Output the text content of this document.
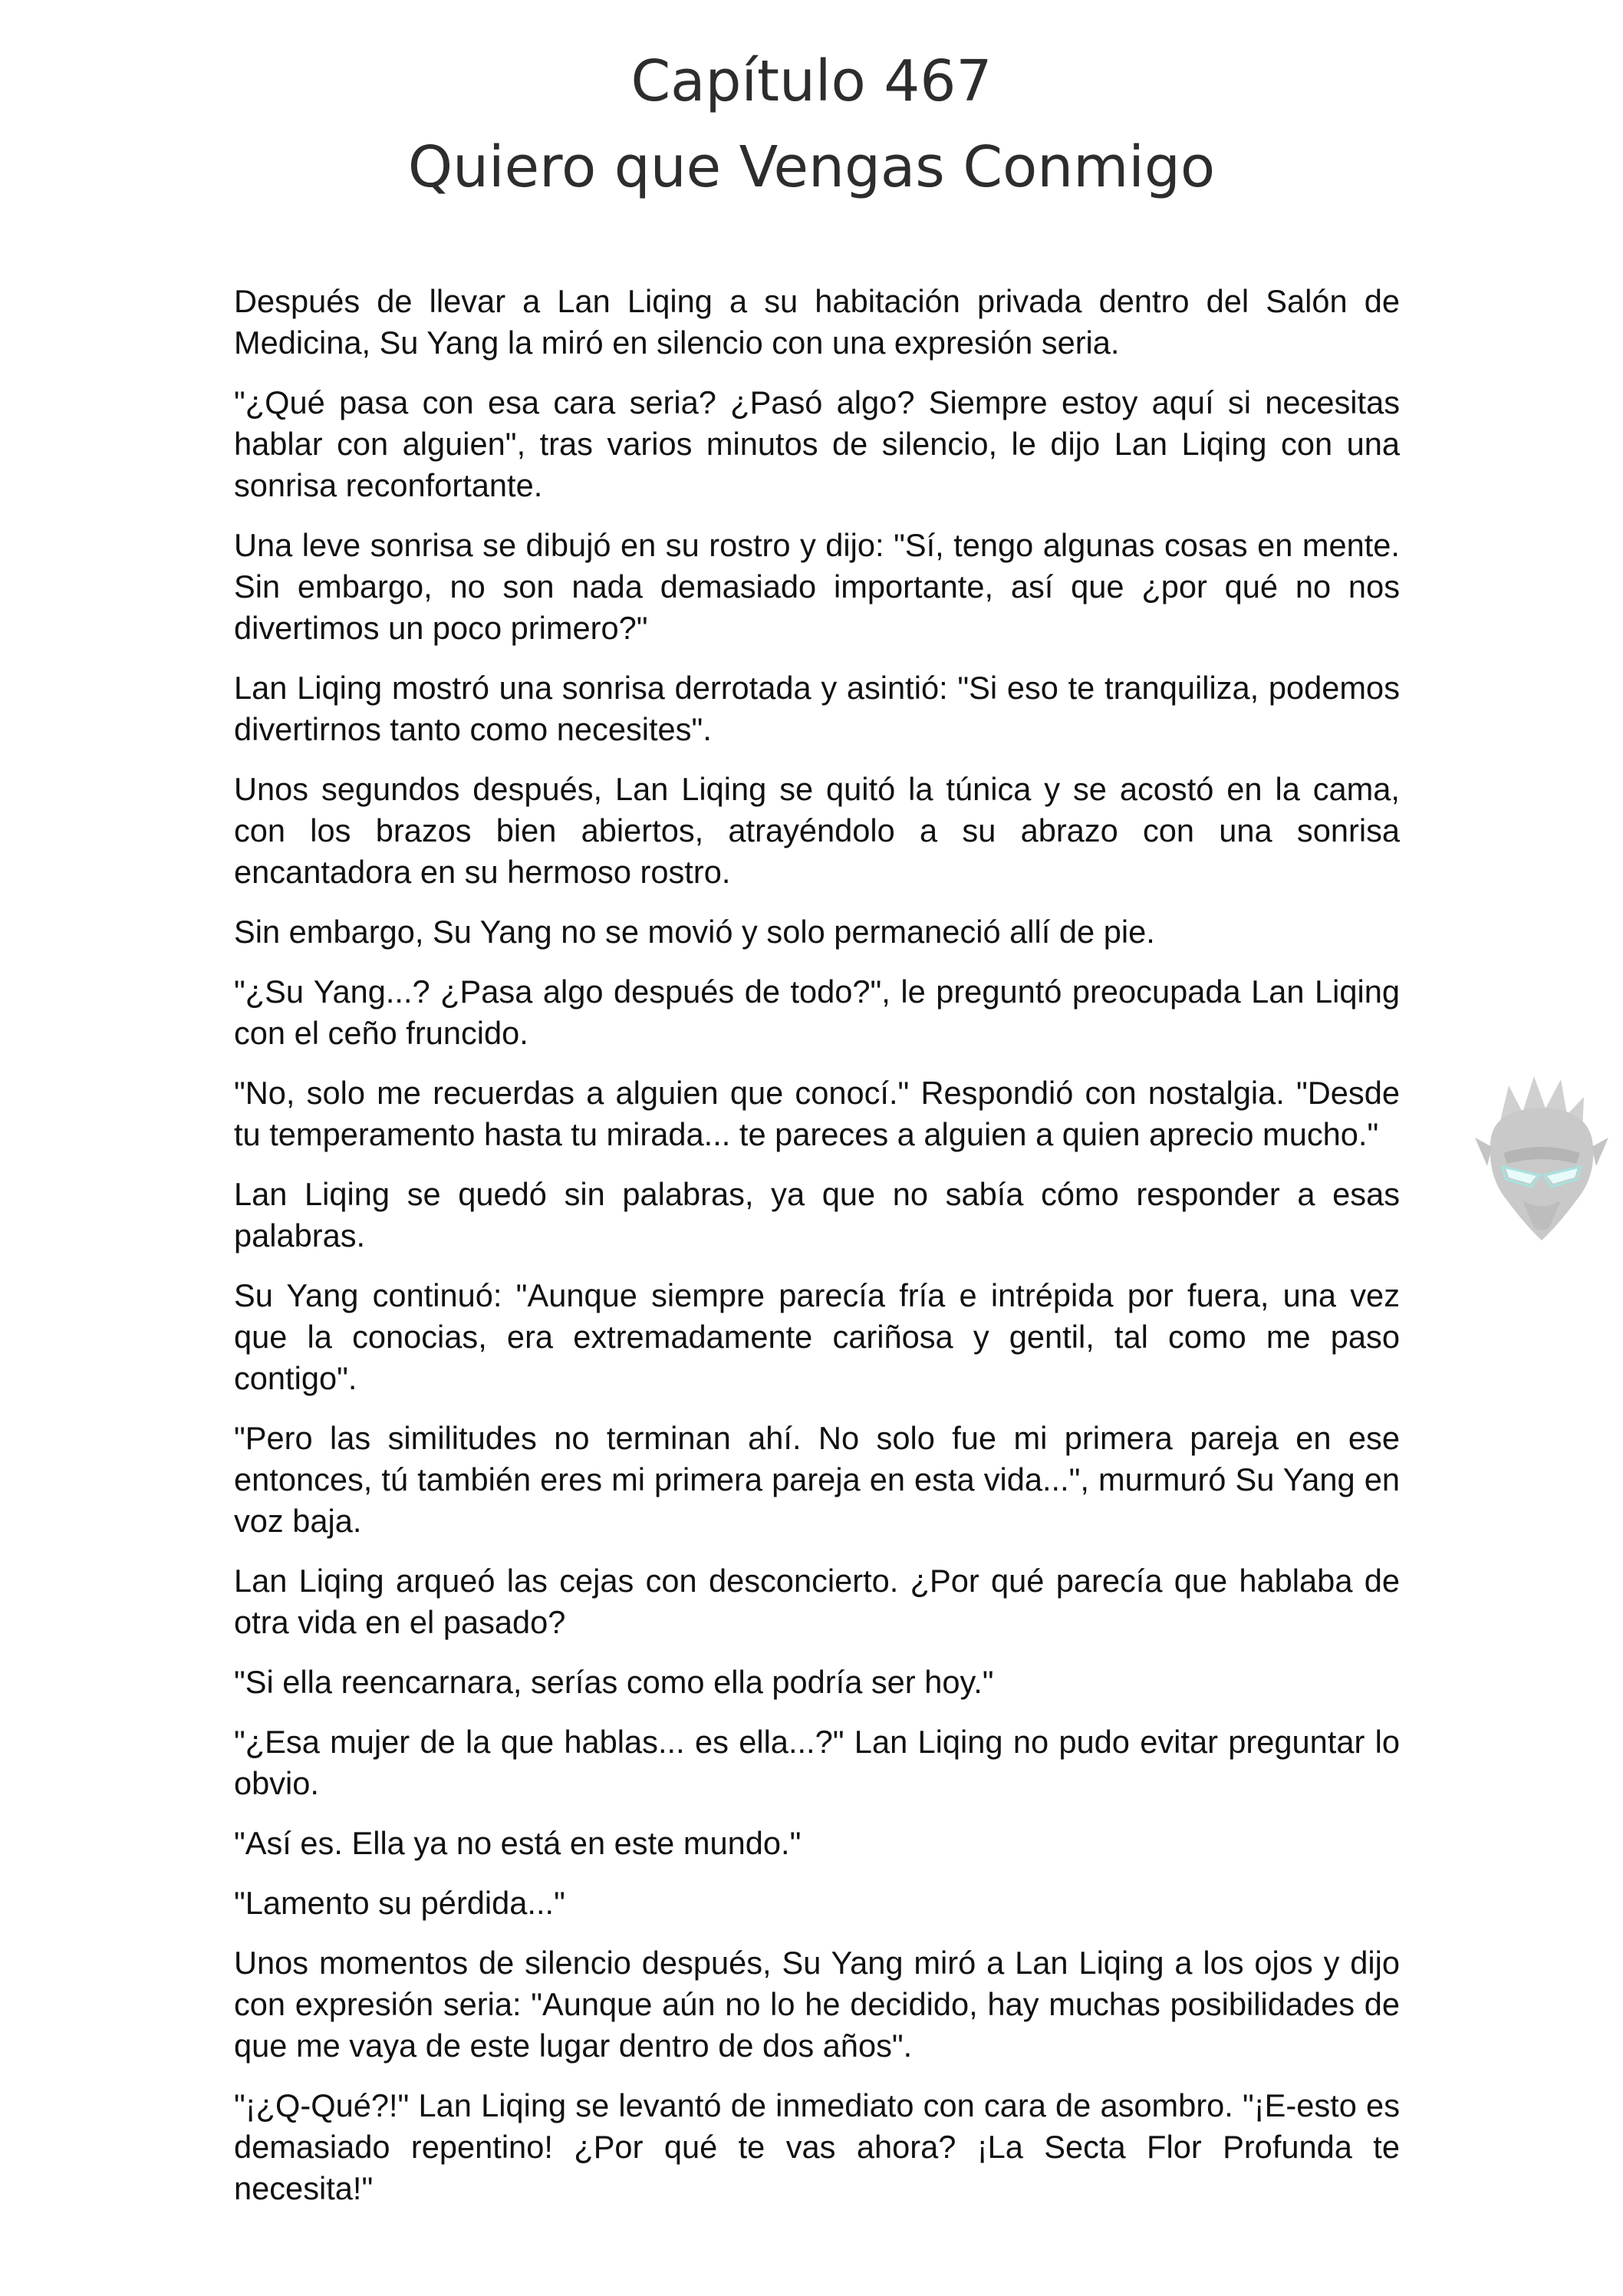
Capítulo 467

Quiero que Vengas Conmigo

Después de llevar a Lan Liqing a su habitación privada dentro del Salón de Medicina, Su Yang la miró en silencio con una expresión seria.

"¿Qué pasa con esa cara seria? ¿Pasó algo? Siempre estoy aquí si necesitas hablar con alguien", tras varios minutos de silencio, le dijo Lan Liqing con una sonrisa reconfortante.

Una leve sonrisa se dibujó en su rostro y dijo: "Sí, tengo algunas cosas en mente. Sin embargo, no son nada demasiado importante, así que ¿por qué no nos divertimos un poco primero?"

Lan Liqing mostró una sonrisa derrotada y asintió: "Si eso te tranquiliza, podemos divertirnos tanto como necesites".

Unos segundos después, Lan Liqing se quitó la túnica y se acostó en la cama, con los brazos bien abiertos, atrayéndolo a su abrazo con una sonrisa encantadora en su hermoso rostro.

Sin embargo, Su Yang no se movió y solo permaneció allí de pie.

"¿Su Yang...? ¿Pasa algo después de todo?", le preguntó preocupada Lan Liqing con el ceño fruncido.

"No, solo me recuerdas a alguien que conocí." Respondió con nostalgia. "Desde tu temperamento hasta tu mirada... te pareces a alguien a quien aprecio mucho."

Lan Liqing se quedó sin palabras, ya que no sabía cómo responder a esas palabras.

Su Yang continuó: "Aunque siempre parecía fría e intrépida por fuera, una vez que la conocias, era extremadamente cariñosa y gentil, tal como me paso contigo".

"Pero las similitudes no terminan ahí. No solo fue mi primera pareja en ese entonces, tú también eres mi primera pareja en esta vida...", murmuró Su Yang en voz baja.

Lan Liqing arqueó las cejas con desconcierto. ¿Por qué parecía que hablaba de otra vida en el pasado?

"Si ella reencarnara, serías como ella podría ser hoy."

"¿Esa mujer de la que hablas... es ella...?" Lan Liqing no pudo evitar preguntar lo obvio.

"Así es. Ella ya no está en este mundo."

"Lamento su pérdida..."

Unos momentos de silencio después, Su Yang miró a Lan Liqing a los ojos y dijo con expresión seria: "Aunque aún no lo he decidido, hay muchas posibilidades de que me vaya de este lugar dentro de dos años".

"¡¿Q-Qué?!" Lan Liqing se levantó de inmediato con cara de asombro. "¡E-esto es demasiado repentino! ¿Por qué te vas ahora? ¡La Secta Flor Profunda te necesita!"
